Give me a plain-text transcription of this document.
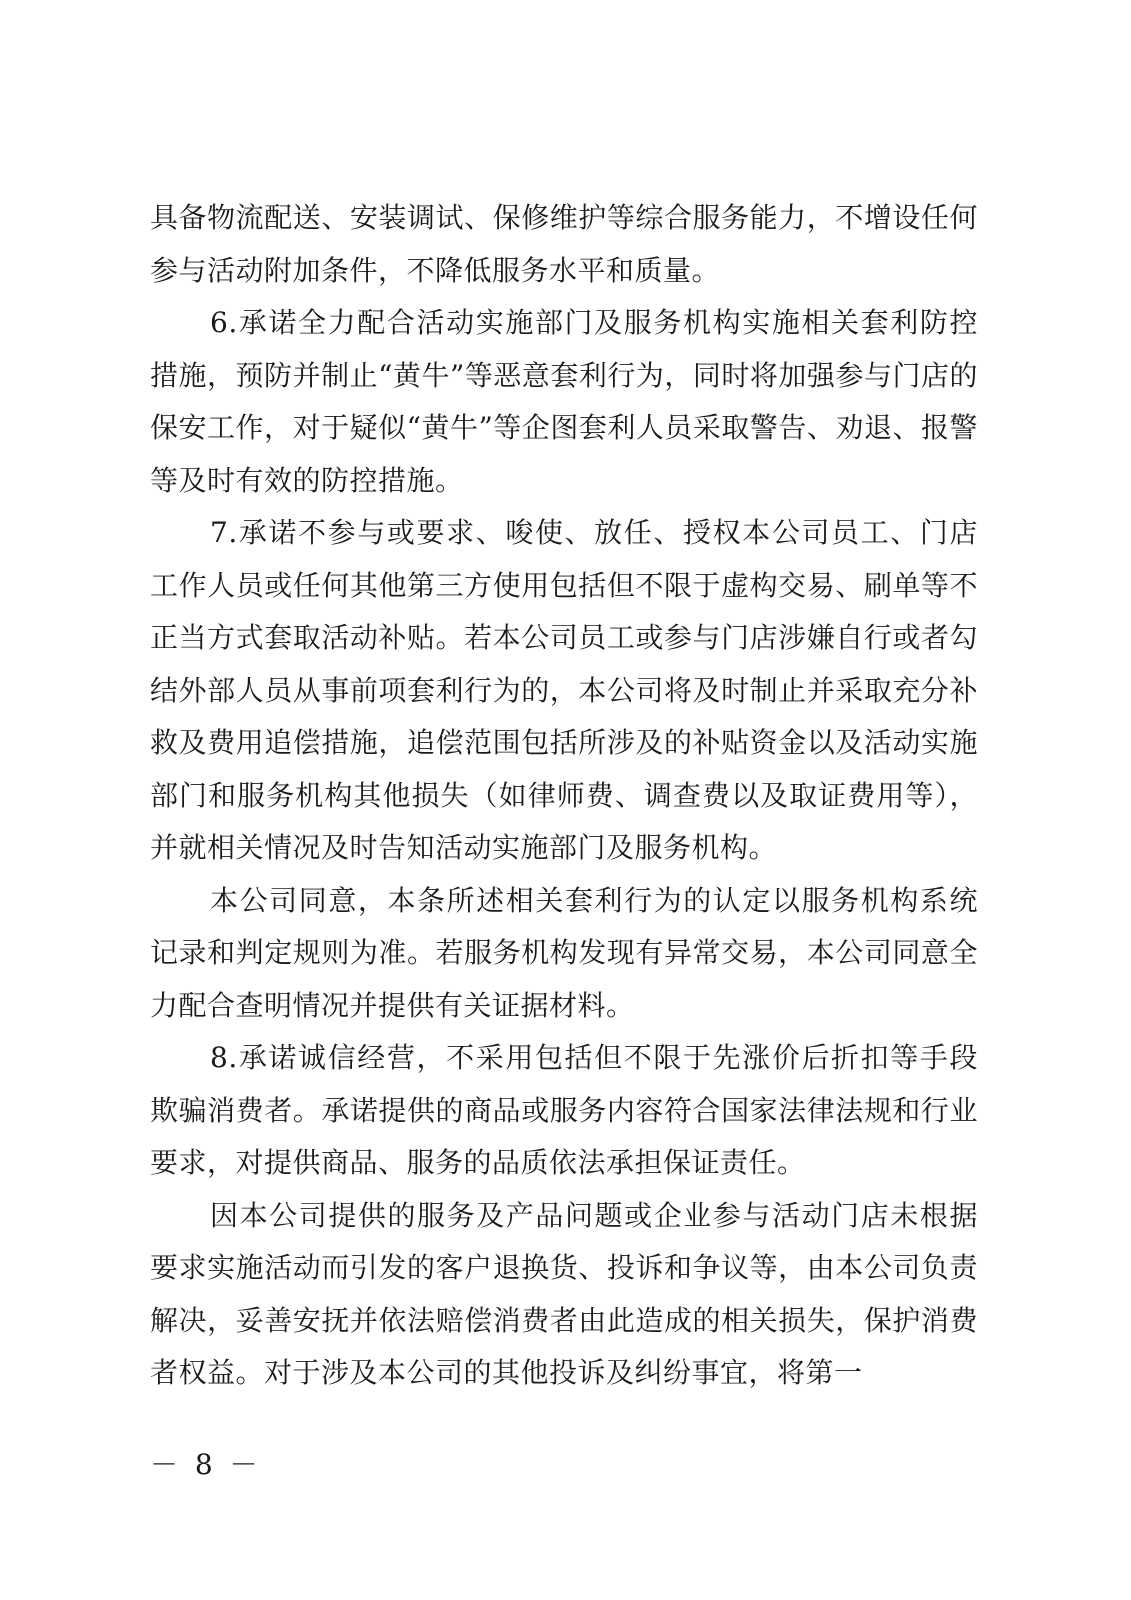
具备物流配送、安装调试、保修维护等综合服务能力，不增设任何参与活动附加条件，不降低服务水平和质量。

6.承诺全力配合活动实施部门及服务机构实施相关套利防控措施，预防并制止“黄牛”等恶意套利行为，同时将加强参与门店的保安工作，对于疑似“黄牛”等企图套利人员采取警告、劝退、报警等及时有效的防控措施。

7.承诺不参与或要求、唆使、放任、授权本公司员工、门店工作人员或任何其他第三方使用包括但不限于虚构交易、刷单等不正当方式套取活动补贴。若本公司员工或参与门店涉嫌自行或者勾结外部人员从事前项套利行为的，本公司将及时制止并采取充分补救及费用追偿措施，追偿范围包括所涉及的补贴资金以及活动实施部门和服务机构其他损失（如律师费、调查费以及取证费用等），并就相关情况及时告知活动实施部门及服务机构。

本公司同意，本条所述相关套利行为的认定以服务机构系统记录和判定规则为准。若服务机构发现有异常交易，本公司同意全力配合查明情况并提供有关证据材料。

8.承诺诚信经营，不采用包括但不限于先涨价后折扣等手段欺骗消费者。承诺提供的商品或服务内容符合国家法律法规和行业要求，对提供商品、服务的品质依法承担保证责任。

因本公司提供的服务及产品问题或企业参与活动门店未根据要求实施活动而引发的客户退换货、投诉和争议等，由本公司负责解决，妥善安抚并依法赔偿消费者由此造成的相关损失，保护消费者权益。对于涉及本公司的其他投诉及纠纷事宜，将第一

－ 8 －
